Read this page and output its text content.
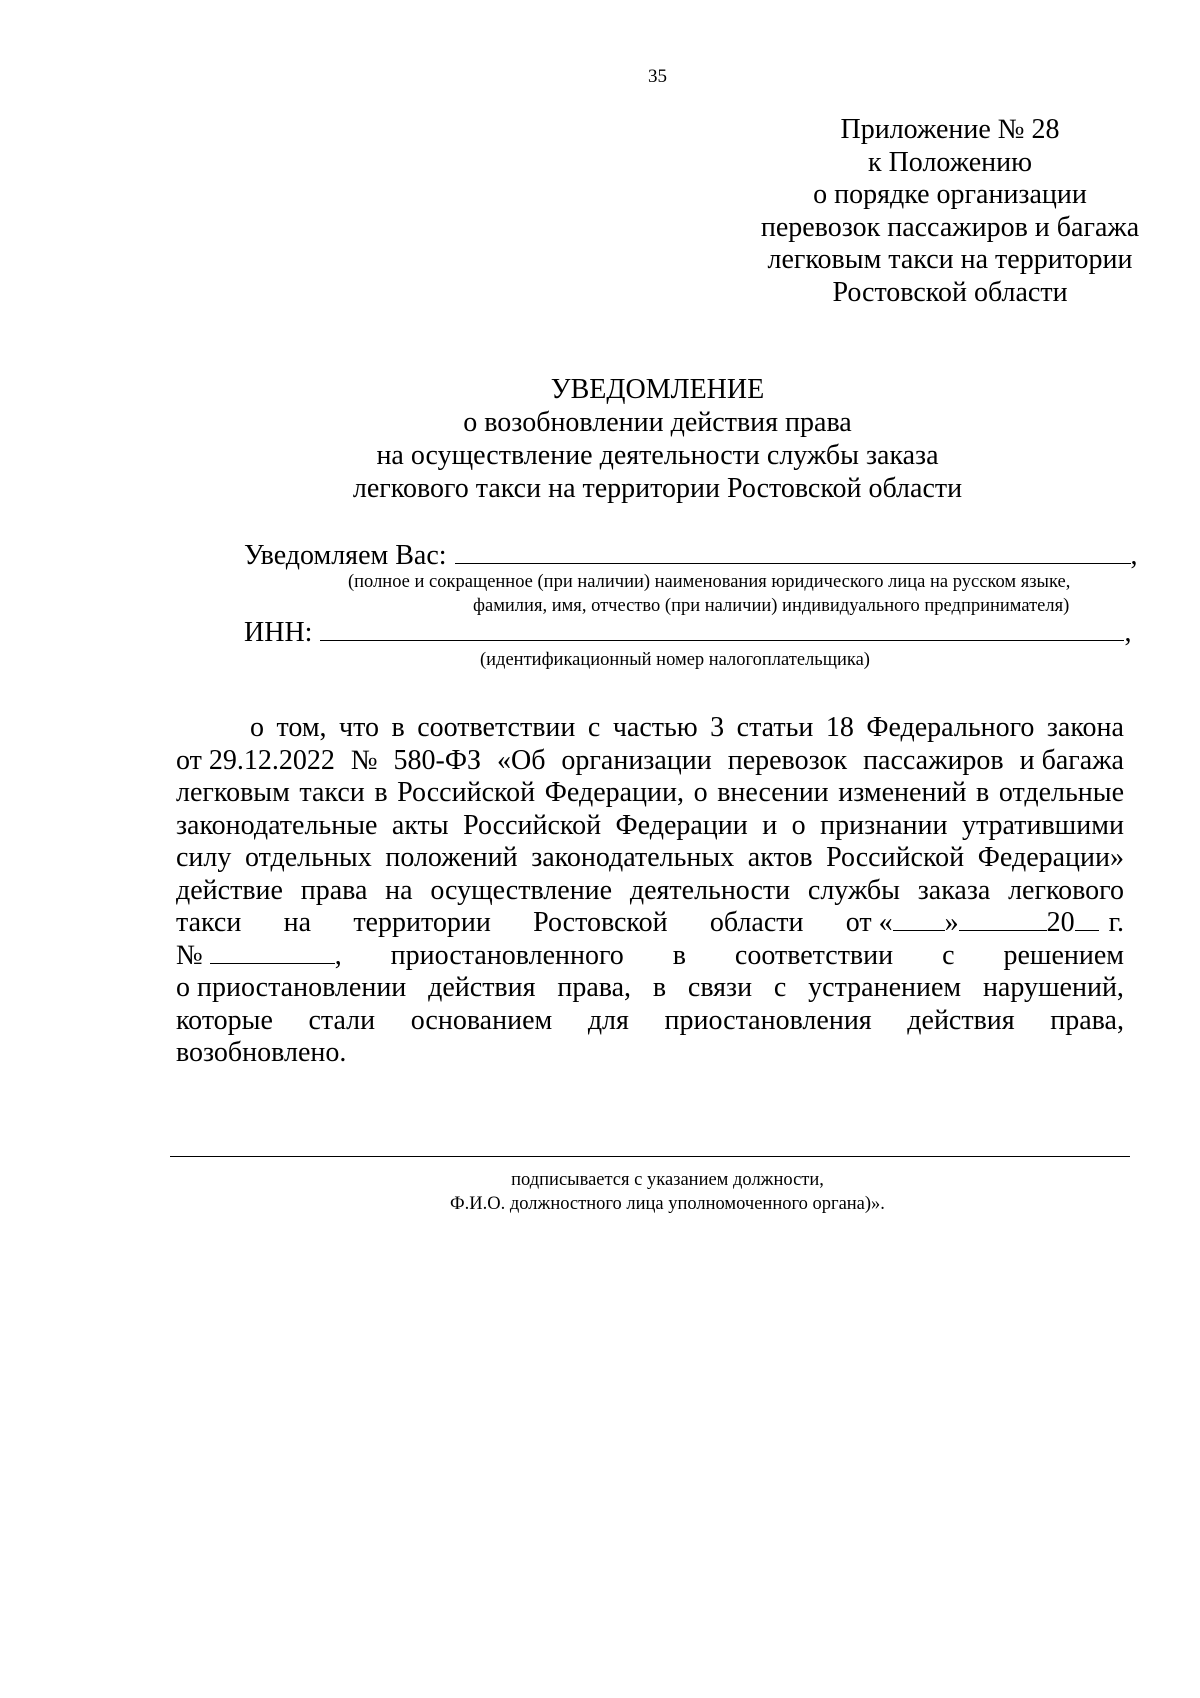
35
Приложение № 28
к Положению
о порядке организации
перевозок пассажиров и багажа
легковым такси на территории
Ростовской области
УВЕДОМЛЕНИЕ
о возобновлении действия права
на осуществление деятельности службы заказа
легкового такси на территории Ростовской области
Уведомляем Вас:	,
(полное и сокращенное (при наличии) наименования юридического лица на русском языке,
фамилия, имя, отчество (при наличии) индивидуального предпринимателя)
ИНН:	,
(идентификационный номер налогоплательщика)
о том, что в соответствии с частью 3 статьи 18 Федерального закона
от 29.12.2022 № 580-ФЗ «Об организации перевозок пассажиров и багажа
легковым такси в Российской Федерации, о внесении изменений в отдельные
законодательные акты Российской Федерации и о признании утратившими
силу отдельных положений законодательных актов Российской Федерации»
действие права на осуществление деятельности службы заказа легкового
такси на территории Ростовской области от « »	20 г.
№	, приостановленного в соответствии с решением
о приостановлении действия права, в связи с устранением нарушений,
которые стали основанием для приостановления действия права,
возобновлено.
подписывается с указанием должности,
Ф.И.О. должностного лица уполномоченного органа)».
